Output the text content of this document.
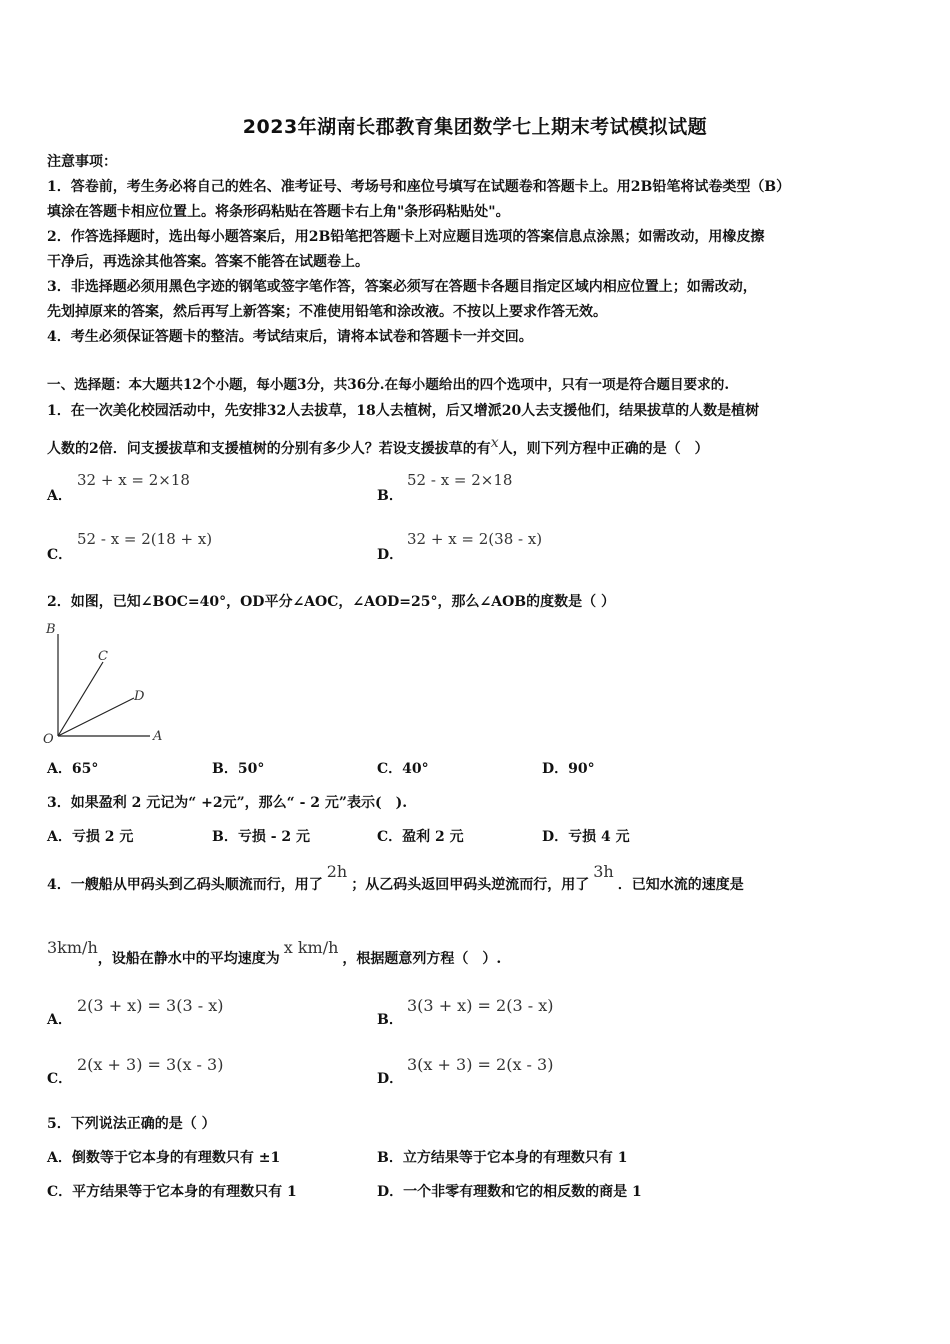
2023年湖南长郡教育集团数学七上期末考试模拟试题
注意事项：
1．答卷前，考生务必将自己的姓名、准考证号、考场号和座位号填写在试题卷和答题卡上。用2B铅笔将试卷类型（B）
填涂在答题卡相应位置上。将条形码粘贴在答题卡右上角"条形码粘贴处"。
2．作答选择题时，选出每小题答案后，用2B铅笔把答题卡上对应题目选项的答案信息点涂黑；如需改动，用橡皮擦
干净后，再选涂其他答案。答案不能答在试题卷上。
3．非选择题必须用黑色字迹的钢笔或签字笔作答，答案必须写在答题卡各题目指定区域内相应位置上；如需改动，
先划掉原来的答案，然后再写上新答案；不准使用铅笔和涂改液。不按以上要求作答无效。
4．考生必须保证答题卡的整洁。考试结束后，请将本试卷和答题卡一并交回。
一、选择题：本大题共12个小题，每小题3分，共36分.在每小题给出的四个选项中，只有一项是符合题目要求的.
1．在一次美化校园活动中，先安排32人去拔草，18人去植树，后又增派20人去支援他们，结果拔草的人数是植树
人数的2倍．问支援拔草和支援植树的分别有多少人？若设支援拔草的有x人，则下列方程中正确的是（　）
A．
32 + x = 2×18
B．
52 - x = 2×18
C．
52 - x = 2(18 + x)
D．
32 + x = 2(38 - x)
2．如图，已知∠BOC=40°，OD平分∠AOC，∠AOD=25°，那么∠AOB的度数是（ ）
B
C
D
O	A
A．65°	B．50°	C．40°	D．90°
3．如果盈利 2 元记为“ +2元”，那么“ - 2 元”表示(　).
A．亏损 2 元	B．亏损 - 2 元	C．盈利 2 元	D．亏损 4 元
4．一艘船从甲码头到乙码头顺流而行，用了2h；从乙码头返回甲码头逆流而行，用了3h．已知水流的速度是
3km/h，设船在静水中的平均速度为x km/h，根据题意列方程（　）.
A．
2(3 + x) = 3(3 - x)
B．
3(3 + x) = 2(3 - x)
C．
2(x + 3) = 3(x - 3)
D．
3(x + 3) = 2(x - 3)
5．下列说法正确的是（ ）
A．倒数等于它本身的有理数只有 ±1	B．立方结果等于它本身的有理数只有 1
C．平方结果等于它本身的有理数只有 1	D．一个非零有理数和它的相反数的商是 1
